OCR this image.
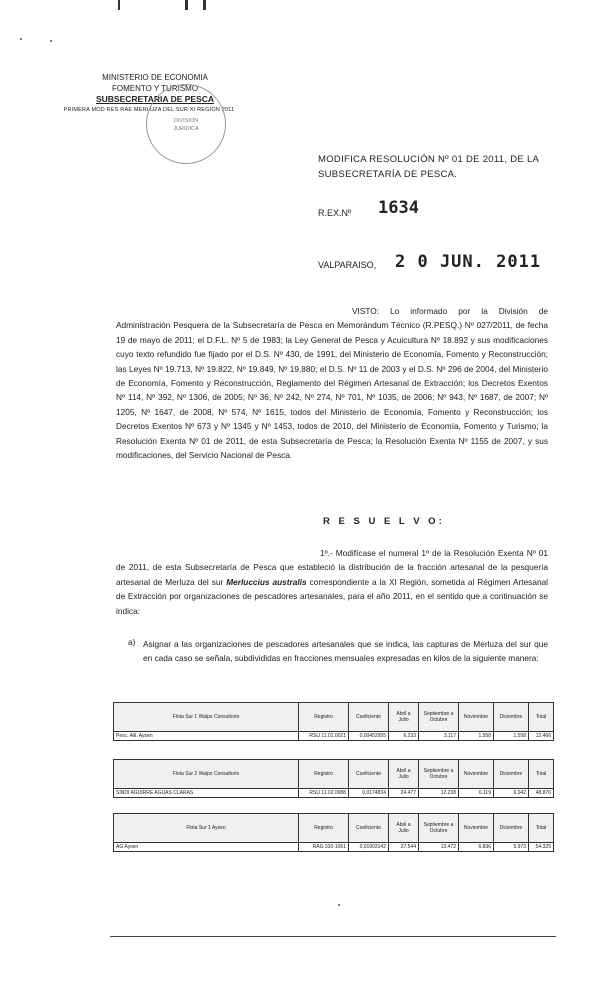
MINISTERIO DE ECONOMIA
FOMENTO Y TURISMO
SUBSECRETARIA DE PESCA
PRIMERA MOD RES RAE MERLUZA DEL SUR XI REGION 2011
DIVISION
JURIDICA
MODIFICA RESOLUCIÓN Nº 01 DE 2011, DE LA SUBSECRETARÍA DE PESCA.
R.EX.Nº 1634
VALPARAISO, 2 0 JUN. 2011
VISTO: Lo informado por la División de Administración Pesquera de la Subsecretaría de Pesca en Memorándum Técnico (R.PESQ.) Nº 027/2011, de fecha 19 de mayo de 2011; el D.F.L. Nº 5 de 1983; la Ley General de Pesca y Acuicultura Nº 18.892 y sus modificaciones cuyo texto refundido fue fijado por el D.S. Nº 430, de 1991, del Ministerio de Economía, Fomento y Reconstrucción; las Leyes Nº 19.713, Nº 19.822, Nº 19.849, Nº 19.880; el D.S. Nº 11 de 2003 y el D.S. Nº 296 de 2004, del Ministerio de Economía, Fomento y Reconstrucción, Reglamento del Régimen Artesanal de Extracción; los Decretos Exentos Nº 114, Nº 392, Nº 1306, de 2005; Nº 36, Nº 242, Nº 274, Nº 701, Nº 1035, de 2006; Nº 943, Nº 1687, de 2007; Nº 1205, Nº 1647, de 2008, Nº 574, Nº 1615, todos del Ministerio de Economía, Fomento y Reconstrucción; los Decretos Exentos Nº 673 y Nº 1345 y Nº 1453, todos de 2010, del Ministerio de Economía, Fomento y Turismo; la Resolución Exenta Nº 01 de 2011, de esta Subsecretaría de Pesca; la Resolución Exenta Nº 1155 de 2007, y sus modificaciones, del Servicio Nacional de Pesca.
R E S U E L V O:
1º.- Modifícase el numeral 1º de la Resolución Exenta Nº 01 de 2011, de esta Subsecretaría de Pesca que estableció la distribución de la fracción artesanal de la pesquería artesanal de Merluza del sur Merluccius australis correspondiente a la XI Región, sometida al Régimen Artesanal de Extracción por organizaciones de pescadores artesanales, para el año 2011, en el sentido que a continuación se indica:
a) Asignar a las organizaciones de pescadores artesanales que se indica, las capturas de Merluza del sur que en cada caso se señala, subdivididas en fracciones mensuales expresadas en kilos de la siguiente manera:
Flota Sur 1 Walpo Consultorio	Registro	Coeficiente	Abril a Julio	Septiembre a Octubre	Noviembre	Diciembre	Total
Pesc. Aill. Aysen	RSU 11.02.0021	0,00452955	6.233	3.117	1.558	1.558	12.466
Flota Sur 2 Walpo Consultorio	Registro	Coeficiente	Abril a Julio	Septiembre a Octubre	Noviembre	Diciembre	Total
SINDI AGUIRRE AGUAS CLARAS	RSU 11.02.0088	0,0174834	24.477	12.238	6.119	6.042	48.876
Flota Sur 1 Aysen	Registro	Coeficiente	Abril a Julio	Septiembre a Octubre	Noviembre	Diciembre	Total
AG Aysen	RAG 333-1061	0,01903142	27.544	13.472	6.836	5.973	54.325
